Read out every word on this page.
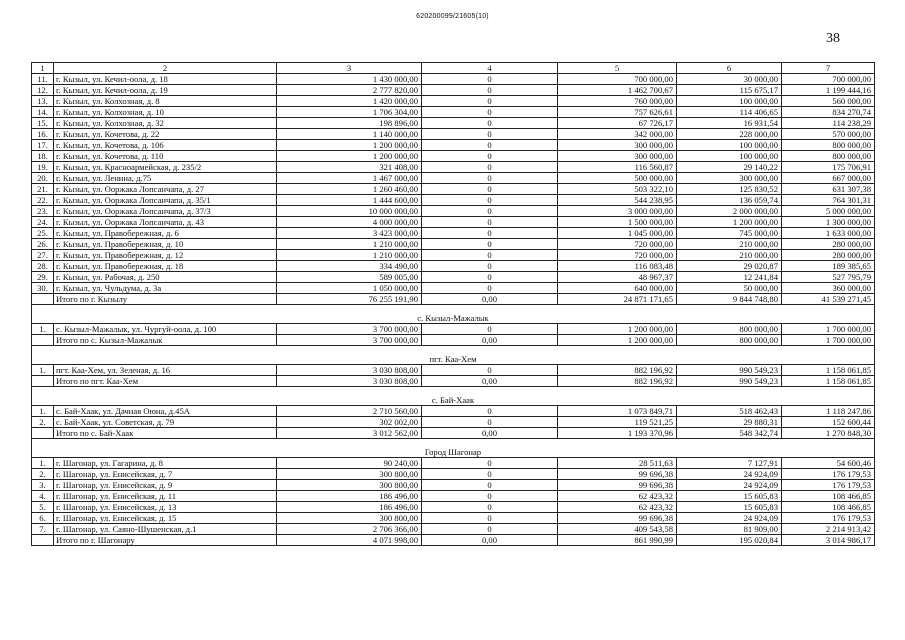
620200099/21605(10)
38
1	2	3	4	5	6	7
11.	г. Кызыл, ул. Кечил-оола, д. 18	1 430 000,00	0	700 000,00	30 000,00	700 000,00
12.	г. Кызыл, ул. Кечил-оола, д. 19	2 777 820,00	0	1 462 700,67	115 675,17	1 199 444,16
13.	г. Кызыл, ул. Колхозная, д. 8	1 420 000,00	0	760 000,00	100 000,00	560 000,00
14.	г. Кызыл, ул. Колхозная, д. 10	1 706 304,00	0	757 626,61	114 406,65	834 270,74
15.	г. Кызыл, ул. Колхозная, д. 32	198 896,00	0	67 726,17	16 931,54	114 238,29
16.	г. Кызыл, ул. Кочетова, д. 22	1 140 000,00	0	342 000,00	228 000,00	570 000,00
17.	г. Кызыл, ул. Кочетова, д. 106	1 200 000,00	0	300 000,00	100 000,00	800 000,00
18.	г. Кызыл, ул. Кочетова, д. 110	1 200 000,00	0	300 000,00	100 000,00	800 000,00
19.	г. Кызыл, ул. Красноармейская, д. 235/2	321 408,00	0	116 560,87	29 140,22	175 706,91
20.	г. Кызыл, ул. Ленина, д.75	1 467 000,00	0	500 000,00	300 000,00	667 000,00
21.	г. Кызыл, ул. Ооржака Лопсанчапа, д. 27	1 260 460,00	0	503 322,10	125 830,52	631 307,38
22.	г. Кызыл, ул. Ооржака Лопсанчапа, д. 35/1	1 444 600,00	0	544 238,95	136 059,74	764 301,31
23.	г. Кызыл, ул. Ооржака Лопсанчапа, д. 37/3	10 000 000,00	0	3 000 000,00	2 000 000,00	5 000 000,00
24.	г. Кызыл, ул. Ооржака Лопсанчапа, д. 43	4 000 000,00	0	1 500 000,00	1 200 000,00	1 300 000,00
25.	г. Кызыл, ул. Правобережная, д. 6	3 423 000,00	0	1 045 000,00	745 000,00	1 633 000,00
26.	г. Кызыл, ул. Правобережная, д. 10	1 210 000,00	0	720 000,00	210 000,00	280 000,00
27.	г. Кызыл, ул. Правобережная, д. 12	1 210 000,00	0	720 000,00	210 000,00	280 000,00
28.	г. Кызыл, ул. Правобережная, д. 18	334 490,00	0	116 083,48	29 020,87	189 385,65
29.	г. Кызыл, ул. Рабочая, д. 250	589 005,00	0	48 967,37	12 241,84	527 795,79
30.	г. Кызыл, ул. Чульдума, д. 3а	1 050 000,00	0	640 000,00	50 000,00	360 000,00
	Итого по г. Кызылу	76 255 191,90	0,00	24 871 171,65	9 844 748,80	41 539 271,45
с. Кызыл-Мажалык						
1.	с. Кызыл-Мажалык, ул. Чургуй-оола, д. 100	3 700 000,00	0	1 200 000,00	800 000,00	1 700 000,00
	Итого по с. Кызыл-Мажалык	3 700 000,00	0,00	1 200 000,00	800 000,00	1 700 000,00
пгт. Каа-Хем						
1.	пгт. Каа-Хем, ул. Зеленая, д. 16	3 030 808,00	0	882 196,92	990 549,23	1 158 061,85
	Итого по пгт. Каа-Хем	3 030 808,00	0,00	882 196,92	990 549,23	1 158 061,85
с. Бай-Хаак						
1.	с. Бай-Хаак, ул. Дачная Оюна, д.45А	2 710 560,00	0	1 073 849,71	518 462,43	1 118 247,86
2.	с. Бай-Хаак, ул. Советская, д. 79	302 002,00	0	119 521,25	29 880,31	152 600,44
	Итого по с. Бай-Хаак	3 012 562,00	0,00	1 193 370,96	548 342,74	1 270 848,30
Город Шагонар						
1.	г. Шагонар, ул. Гагарина, д. 8	90 240,00	0	28 511,63	7 127,91	54 600,46
2.	г. Шагонар, ул. Енисейская, д. 7	300 800,00	0	99 696,38	24 924,09	176 179,53
3.	г. Шагонар, ул. Енисейская, д. 9	300 800,00	0	99 696,38	24 924,09	176 179,53
4.	г. Шагонар, ул. Енисейская, д. 11	186 496,00	0	62 423,32	15 605,83	108 466,85
5.	г. Шагонар, ул. Енисейская, д. 13	186 496,00	0	62 423,32	15 605,83	108 466,85
6.	г. Шагонар, ул. Енисейская, д. 15	300 800,00	0	99 696,38	24 924,09	176 179,53
7.	г. Шагонар, ул. Саяно-Шушенская, д.1	2 706 366,00	0	409 543,58	81 909,00	2 214 913,42
	Итого по г. Шагонару	4 071 998,00	0,00	861 990,99	195 020,84	3 014 986,17
